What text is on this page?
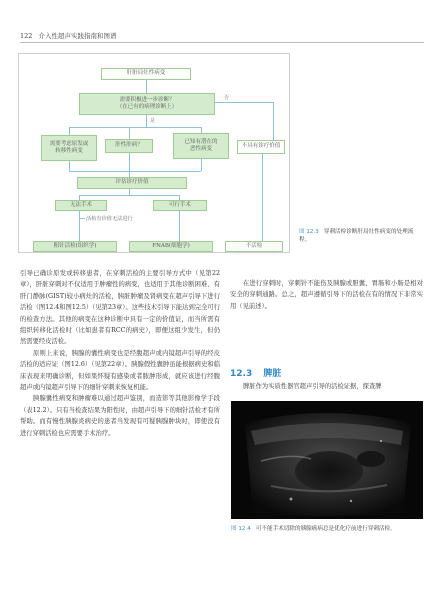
122 介入性超声实践指南和图谱
肝脏局灶性病变
需要积极进一步诊断？
（在已有的病理诊断上）
否
是
需要考虑原发或
转移性病变
肝性肝病？
已知有潜在的
恶性病变	不具有诊疗价值
评估诊疗价值
无法手术	可行手术
活检有价值无法进行
粗针活检(组织学)	FNAB(细胞学)	不活检
图 12.3 穿刺活检诊断肝局灶性病变的处理流程。

引导已确诊原发或转移患者，在穿刺活检的主要引导方式中（见第22章），肝脏穿刺对不仅适用于肿瘤性的病变，也适用于其他诊断困难、有肝门静脉(GIST)较小病灶的活检，胰脏肿瘤及肾病变在超声引导下进行活检（图12.4和图12.5）（见第23章）。这些技术引导下能达到完全可行的检查方法。其他的病变在这种诊断中具有一定的价值证，而当所需有组织转移化活检时（比如患者有RCC的病史），即便这组少发生，但仍然需要经皮活检。

原则上来说，胰腺的囊性病变也是经腹超声或内镜超声引导的经皮活检的适应证（图12.6）（见第22章）。胰腺假性囊肿虽能根据病史和临床表现来明确诊断，但如果怀疑有感染或者脓肿形成，就应该进行经腹超声或内镜超声引导下的细针穿刺来恢复机能。

胰腺囊性病变和肿瘤难以通过超声鉴别，而造影等其他影像学手段（表12.2）。只有当检查结果为阳性时，由超声引导下的细针活检才有所帮助。而有慢性胰腺炎病史的患者当发现有可疑胰腺肿块时，即使没有进行穿刺活检也应需要手术治疗。

在进行穿刺时，穿刺针不能伤及胰腺或胆囊，胃肠和小肠是相对安全的穿刺通路。总之，超声遵循引导下的活检在有的情况下非常实用（见前述）。

12.3 脾脏

脾脏作为实质性器官超声引导的活检证据，探查脾

图 12.4 可不能手术切除的胰腺癌病总是优化疗前进行穿刺活检。
